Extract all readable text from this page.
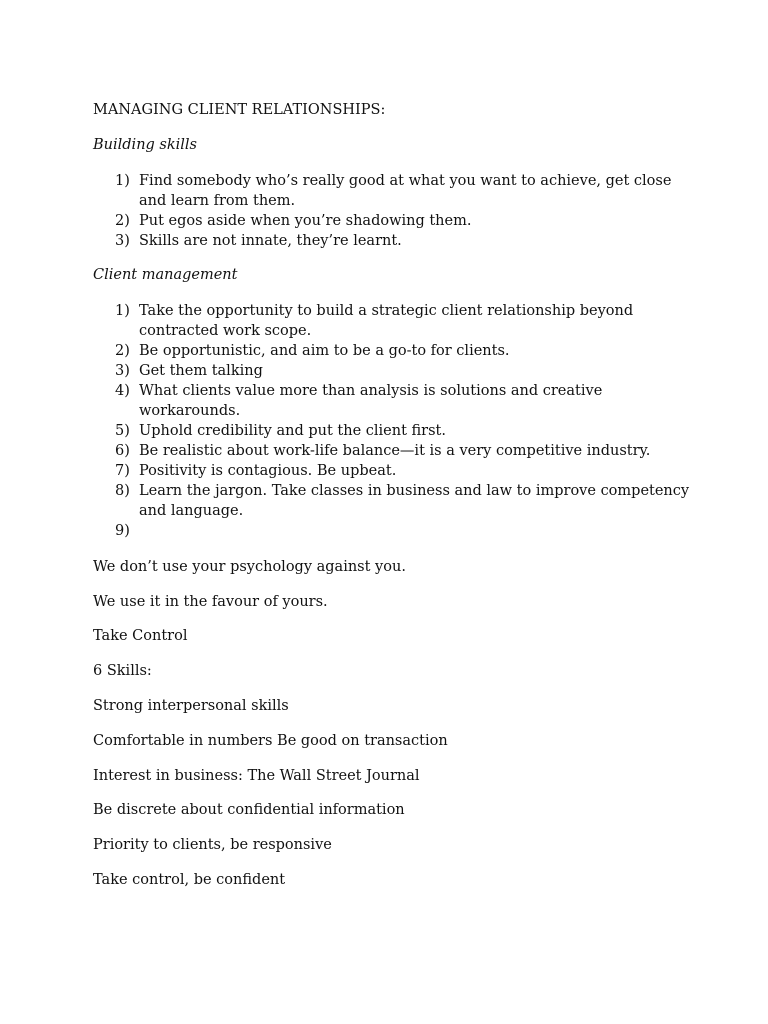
MANAGING CLIENT RELATIONSHIPS:
Building skills
1) Find somebody who’s really good at what you want to achieve, get close and learn from them.
2) Put egos aside when you’re shadowing them.
3) Skills are not innate, they’re learnt.
Client management
1) Take the opportunity to build a strategic client relationship beyond contracted work scope.
2) Be opportunistic, and aim to be a go-to for clients.
3) Get them talking
4) What clients value more than analysis is solutions and creative workarounds.
5) Uphold credibility and put the client first.
6) Be realistic about work-life balance—it is a very competitive industry.
7) Positivity is contagious. Be upbeat.
8) Learn the jargon. Take classes in business and law to improve competency and language.
9)

We don’t use your psychology against you.

We use it in the favour of yours.

Take Control

6 Skills:

Strong interpersonal skills

Comfortable in numbers Be good on transaction

Interest in business: The Wall Street Journal

Be discrete about confidential information

Priority to clients, be responsive

Take control, be confident
